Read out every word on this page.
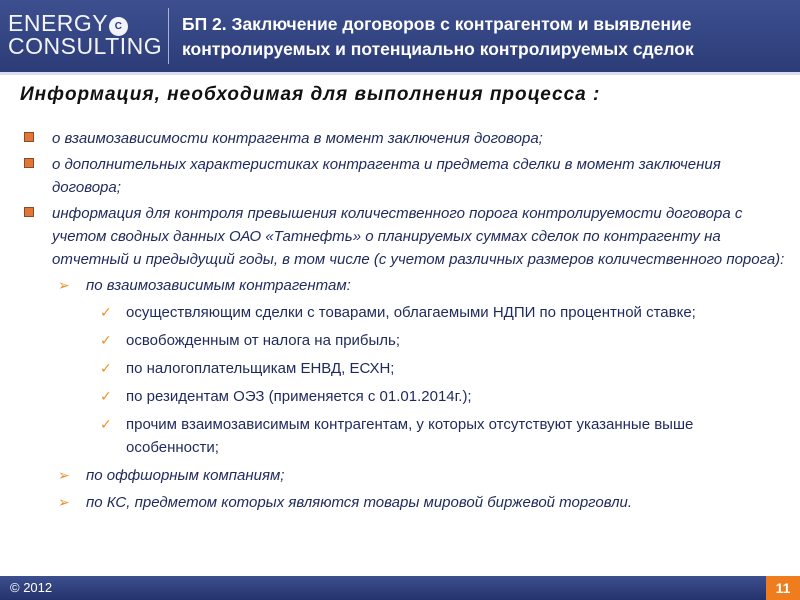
ENERGY C
CONSULTING
БП 2. Заключение договоров с контрагентом и выявление
контролируемых и потенциально контролируемых сделок
Информация, необходимая для выполнения процесса :
о взаимозависимости контрагента в момент заключения договора;
о дополнительных характеристиках контрагента и предмета сделки в момент заключения договора;
информация для контроля превышения количественного порога контролируемости договора с учетом сводных данных ОАО «Татнефть» о планируемых суммах сделок по контрагенту на отчетный и предыдущий годы, в том числе (с учетом различных размеров количественного порога):
➢ по взаимозависимым контрагентам:
✓ осуществляющим сделки с товарами, облагаемыми НДПИ по процентной ставке;
✓ освобожденным от налога на прибыль;
✓ по налогоплательщикам ЕНВД, ЕСХН;
✓ по резидентам ОЭЗ (применяется с 01.01.2014г.);
✓ прочим взаимозависимым контрагентам, у которых отсутствуют указанные выше особенности;
➢ по оффшорным компаниям;
➢ по КС, предметом которых являются товары мировой биржевой торговли.
© 2012	11
